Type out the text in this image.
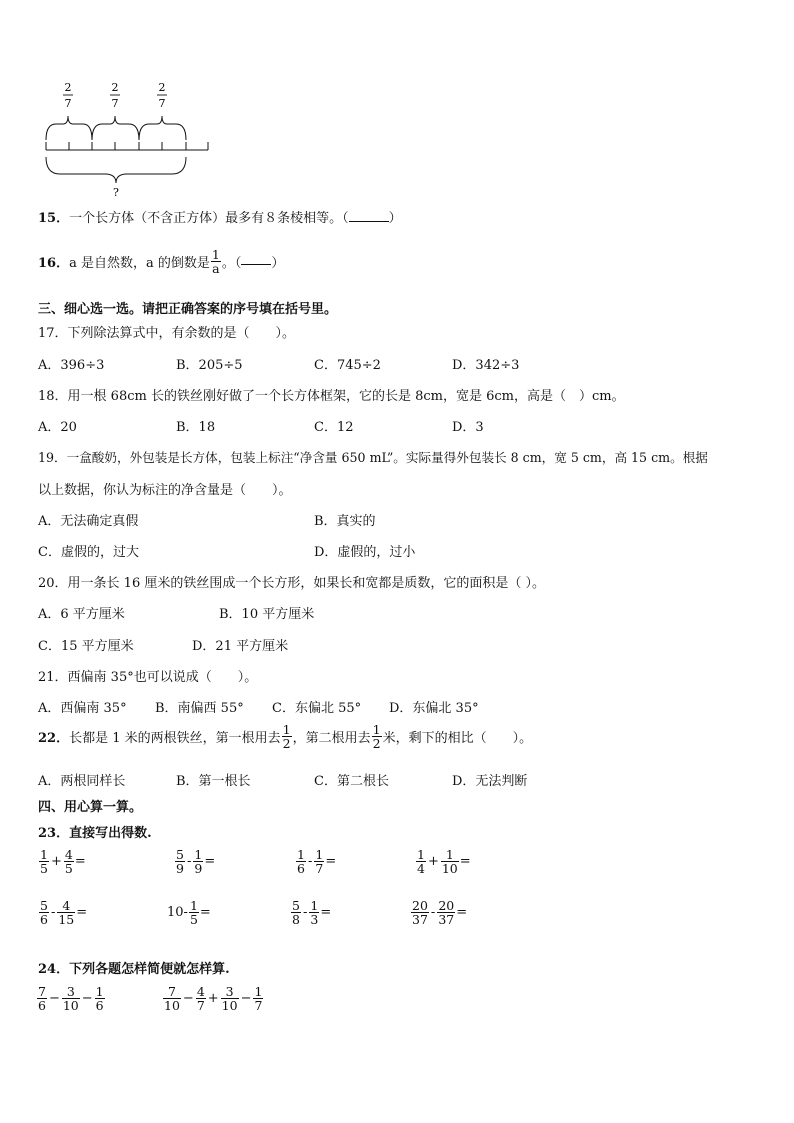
2
7
2
7
2
7
?
15．一个长方体（不含正方体）最多有８条棱相等。（	）
16． a 是自然数，a 的倒数是 $\frac{1}{a}$ 。（ ）
三、细心选一选。请把正确答案的序号填在括号里。
17．下列除法算式中，有余数的是（　　）。
A．396÷3	B．205÷5	C．745÷2	D．342÷3
18．用一根 68cm 长的铁丝刚好做了一个长方体框架，它的长是 8cm，宽是 6cm，高是（　）cm。
A．20	B．18	C．12	D．3
19．一盒酸奶，外包装是长方体，包装上标注“净含量 650 mL”。实际量得外包装长 8 cm，宽 5 cm，高 15 cm。根据
以上数据，你认为标注的净含量是（　　）。
A．无法确定真假	B．真实的
C．虚假的，过大	D．虚假的，过小
20．用一条长 16 厘米的铁丝围成一个长方形，如果长和宽都是质数，它的面积是（ ）。
A．6 平方厘米	B．10 平方厘米
C．15 平方厘米	D．21 平方厘米
21．西偏南 35°也可以说成（　　）。
A．西偏南 35° B．南偏西 55° C．东偏北 55° D．东偏北 35°
22． 长都是 1 米的两根铁丝，第一根用去 $\frac{1}{2}$ ，第二根用去 $\frac{1}{2}$ 米，剩下的相比（　　）。
A．两根同样长	B．第一根长	C．第二根长	D．无法判断
四、用心算一算。
23．直接写出得数.
$\frac{1}{5} + \frac{4}{5}$ =	$\frac{5}{9} - \frac{1}{9}$ =	$\frac{1}{6} - \frac{1}{7}$ =	$\frac{1}{4} + \frac{1}{10}$ =
$\frac{5}{6} - \frac{4}{15}$ =	$10- \frac{1}{5}$ =	$\frac{5}{8} - \frac{1}{3}$ =	$\frac{20}{37} - \frac{20}{37}$ =
24．下列各题怎样简便就怎样算.
$\frac{7}{6} - \frac{3}{10} - \frac{1}{6}$	$\frac{7}{10} - \frac{4}{7} + \frac{3}{10} - \frac{1}{7}$
